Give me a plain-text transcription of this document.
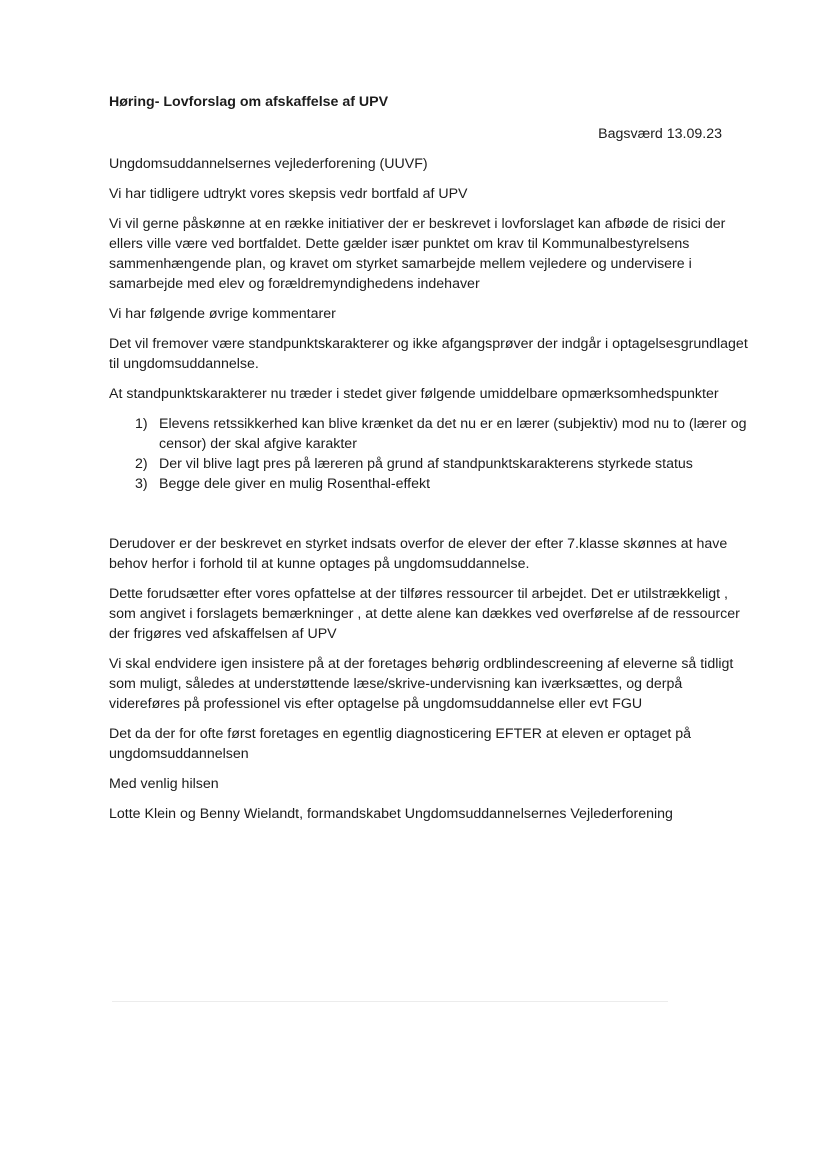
Høring- Lovforslag om afskaffelse af UPV
Bagsværd 13.09.23

Ungdomsuddannelsernes vejlederforening (UUVF)

Vi har tidligere udtrykt vores skepsis vedr bortfald af UPV

Vi vil gerne påskønne at en række initiativer der er beskrevet i lovforslaget kan afbøde de risici der ellers ville være ved bortfaldet. Dette gælder især punktet om krav til Kommunalbestyrelsens sammenhængende plan, og kravet om styrket samarbejde mellem vejledere og undervisere i samarbejde med elev og forældremyndighedens indehaver

Vi har følgende øvrige kommentarer

Det vil fremover være standpunktskarakterer og ikke afgangsprøver der indgår i optagelsesgrundlaget til ungdomsuddannelse.

At standpunktskarakterer nu træder i stedet giver følgende umiddelbare opmærksomhedspunkter

1) Elevens retssikkerhed kan blive krænket da det nu er en lærer (subjektiv) mod nu to (lærer og censor) der skal afgive karakter
2) Der vil blive lagt pres på læreren på grund af standpunktskarakterens styrkede status
3) Begge dele giver en mulig Rosenthal-effekt

Derudover er der beskrevet en styrket indsats overfor de elever der efter 7.klasse skønnes at have behov herfor i forhold til at kunne optages på ungdomsuddannelse.

Dette forudsætter efter vores opfattelse at der tilføres ressourcer til arbejdet. Det er utilstrækkeligt , som angivet i forslagets bemærkninger , at dette alene kan dækkes ved overførelse af de ressourcer der frigøres ved afskaffelsen af UPV

Vi skal endvidere igen insistere på at der foretages behørig ordblindescreening af eleverne så tidligt som muligt, således at understøttende læse/skrive-undervisning kan iværksættes, og derpå videreføres på professionel vis efter optagelse på ungdomsuddannelse eller evt FGU

Det da der for ofte først foretages en egentlig diagnosticering EFTER at eleven er optaget på ungdomsuddannelsen

Med venlig hilsen

Lotte Klein og Benny Wielandt, formandskabet Ungdomsuddannelsernes Vejlederforening
